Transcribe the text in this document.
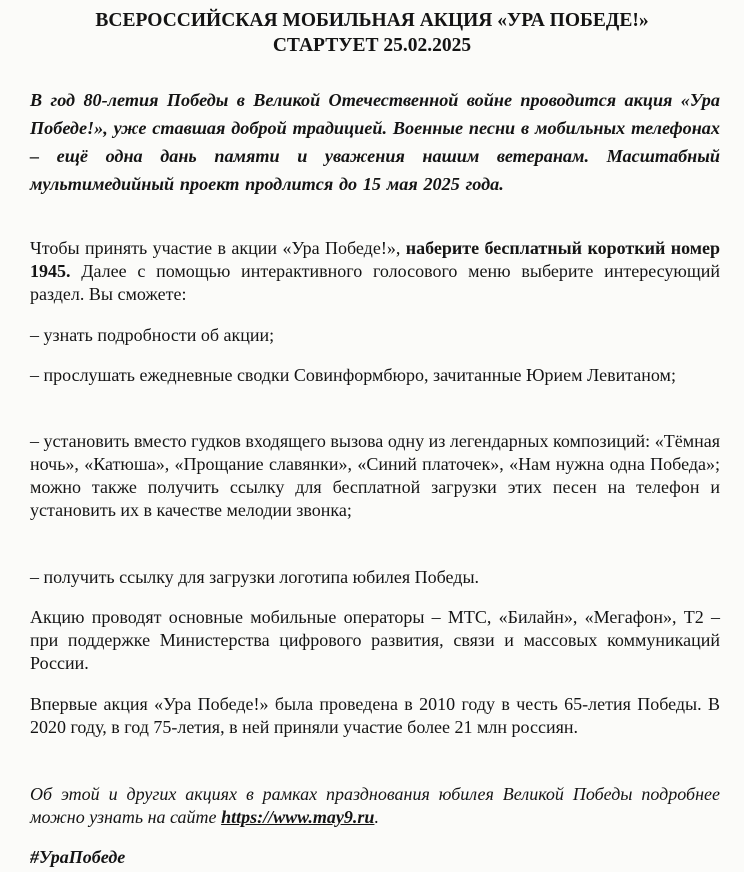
ВСЕРОССИЙСКАЯ МОБИЛЬНАЯ АКЦИЯ «УРА ПОБЕДЕ!»
СТАРТУЕТ 25.02.2025

В год 80-летия Победы в Великой Отечественной войне проводится акция «Ура Победе!», уже ставшая доброй традицией. Военные песни в мобильных телефонах – ещё одна дань памяти и уважения нашим ветеранам. Масштабный мультимедийный проект продлится до 15 мая 2025 года.

Чтобы принять участие в акции «Ура Победе!», наберите бесплатный короткий номер 1945. Далее с помощью интерактивного голосового меню выберите интересующий раздел. Вы сможете:

– узнать подробности об акции;

– прослушать ежедневные сводки Совинформбюро, зачитанные Юрием Левитаном;

– установить вместо гудков входящего вызова одну из легендарных композиций: «Тёмная ночь», «Катюша», «Прощание славянки», «Синий платочек», «Нам нужна одна Победа»; можно также получить ссылку для бесплатной загрузки этих песен на телефон и установить их в качестве мелодии звонка;

– получить ссылку для загрузки логотипа юбилея Победы.

Акцию проводят основные мобильные операторы – МТС, «Билайн», «Мегафон», Т2 – при поддержке Министерства цифрового развития, связи и массовых коммуникаций России.

Впервые акция «Ура Победе!» была проведена в 2010 году в честь 65-летия Победы. В 2020 году, в год 75-летия, в ней приняли участие более 21 млн россиян.

Об этой и других акциях в рамках празднования юбилея Великой Победы подробнее можно узнать на сайте https://www.may9.ru.

#УраПобеде
